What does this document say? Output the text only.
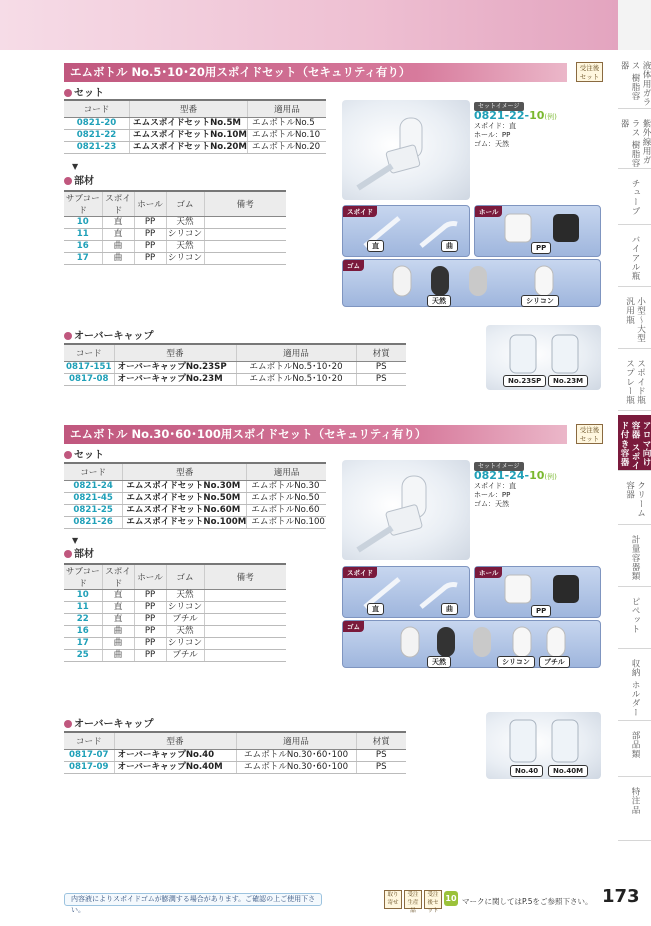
液体用ガラス 樹脂容器
紫外線用ガラス 樹脂容器
チューブ
バイアル瓶
小型〜大型 汎用瓶
スポイド瓶 スプレー瓶
アロマ向け容器 スポイド付き容器
クリーム容器
計量容器類
ピペット
収納 ホルダー
部品類
特注品
エムボトル No.5･10･20用スポイドセット（セキュリティ有り）	受注後 セット
セット
コード	型番	適用品
0821-20	エムスポイドセットNo.5M	エムボトルNo.5
0821-22	エムスポイドセットNo.10M	エムボトルNo.10
0821-23	エムスポイドセットNo.20M	エムボトルNo.20
▼
部材
サブコード	スポイド	ホール	ゴム	備考
10	直	PP	天然	
11	直	PP	シリコン	
16	曲	PP	天然	
17	曲	PP	シリコン	
セットイメージ
0821-22-10(例)
スポイド：直
ホール：PP
ゴム：天然
スポイド
直	曲
ホール
PP
ゴム
天然	シリコン
オーバーキャップ
コード	型番	適用品	材質
0817-151	オーバーキャップNo.23SP	エムボトルNo.5･10･20	PS
0817-08	オーバーキャップNo.23M	エムボトルNo.5･10･20	PS	No.23SP	No.23M
エムボトル No.30･60･100用スポイドセット（セキュリティ有り）	受注後 セット
セット
コード	型番	適用品
0821-24	エムスポイドセットNo.30M	エムボトルNo.30
0821-45	エムスポイドセットNo.50M	エムボトルNo.50
0821-25	エムスポイドセットNo.60M	エムボトルNo.60
0821-26	エムスポイドセットNo.100M	エムボトルNo.100
▼
部材
サブコード	スポイド	ホール	ゴム	備考
10	直	PP	天然	
11	直	PP	シリコン	
22	直	PP	ブチル	
16	曲	PP	天然	
17	曲	PP	シリコン	
25	曲	PP	ブチル	
セットイメージ
0821-24-10(例)
スポイド：直
ホール：PP
ゴム：天然
スポイド
直	曲
ホール
PP
ゴム
天然	シリコン	ブチル
オーバーキャップ
コード	型番	適用品	材質
0817-07	オーバーキャップNo.40	エムボトルNo.30･60･100	PS
0817-09	オーバーキャップNo.40M	エムボトルNo.30･60･100	PS	No.40	No.40M
内容液によりスポイドゴムが膨潤する場合があります。ご確認の上ご使用下さい。
取り寄せ
受注生産品
受注後セット
10 マークに関してはP.5をご参照下さい。 173
